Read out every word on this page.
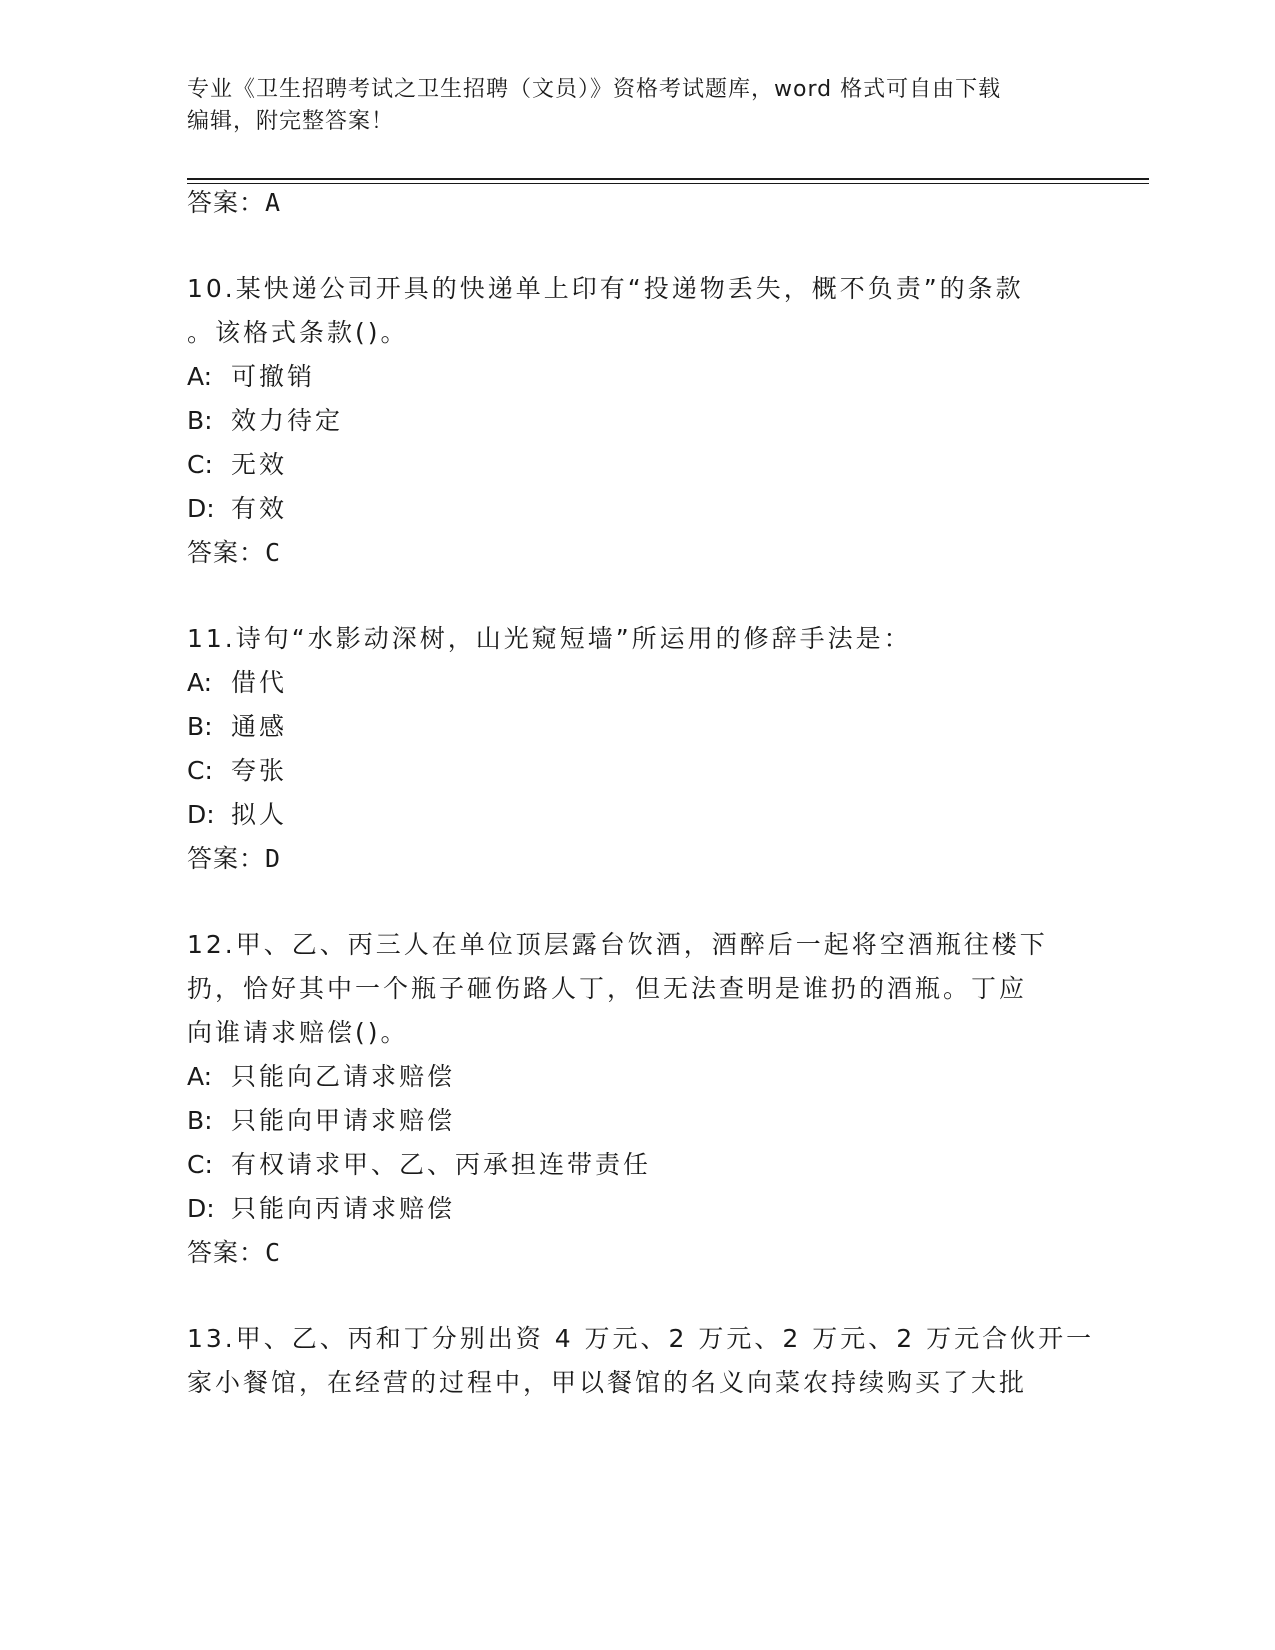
专业《卫生招聘考试之卫生招聘（文员）》资格考试题库，word 格式可自由下载
编辑，附完整答案！
答案：A
10.某快递公司开具的快递单上印有“投递物丢失，概不负责”的条款
。该格式条款()。
A: 可撤销
B: 效力待定
C: 无效
D: 有效
答案：C
11.诗句“水影动深树，山光窥短墙”所运用的修辞手法是：
A: 借代
B: 通感
C: 夸张
D: 拟人
答案：D
12.甲、乙、丙三人在单位顶层露台饮酒，酒醉后一起将空酒瓶往楼下
扔，恰好其中一个瓶子砸伤路人丁，但无法查明是谁扔的酒瓶。丁应
向谁请求赔偿()。
A: 只能向乙请求赔偿
B: 只能向甲请求赔偿
C: 有权请求甲、乙、丙承担连带责任
D: 只能向丙请求赔偿
答案：C
13.甲、乙、丙和丁分别出资 4 万元、2 万元、2 万元、2 万元合伙开一
家小餐馆，在经营的过程中，甲以餐馆的名义向菜农持续购买了大批
